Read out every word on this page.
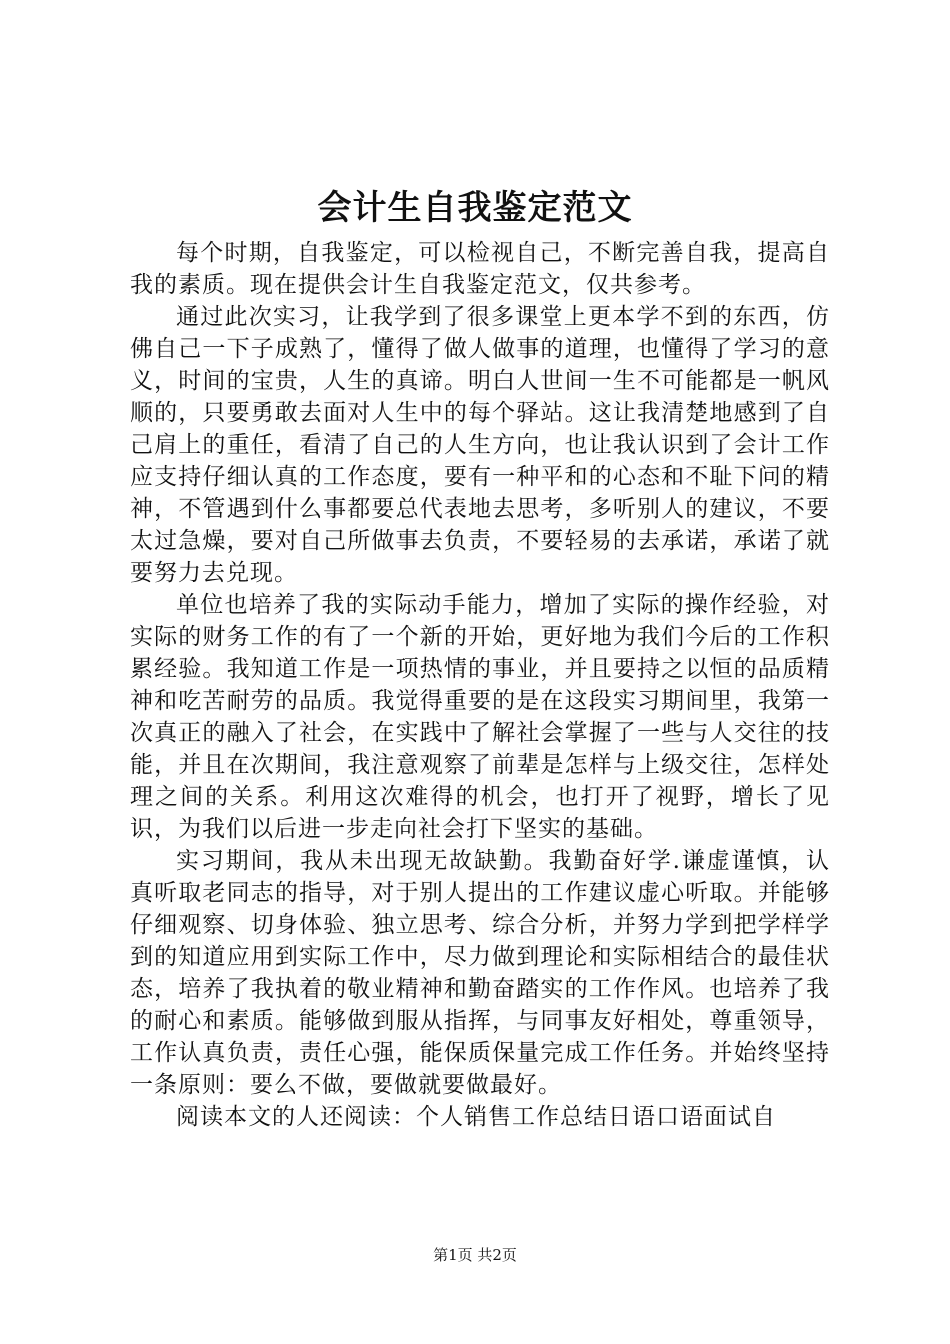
会计生自我鉴定范文

每个时期，自我鉴定，可以检视自己，不断完善自我，提高自我的素质。现在提供会计生自我鉴定范文，仅共参考。

通过此次实习，让我学到了很多课堂上更本学不到的东西，仿佛自己一下子成熟了，懂得了做人做事的道理，也懂得了学习的意义，时间的宝贵，人生的真谛。明白人世间一生不可能都是一帆风顺的，只要勇敢去面对人生中的每个驿站。这让我清楚地感到了自己肩上的重任，看清了自己的人生方向，也让我认识到了会计工作应支持仔细认真的工作态度，要有一种平和的心态和不耻下问的精神，不管遇到什么事都要总代表地去思考，多听别人的建议，不要太过急燥，要对自己所做事去负责，不要轻易的去承诺，承诺了就要努力去兑现。

单位也培养了我的实际动手能力，增加了实际的操作经验，对实际的财务工作的有了一个新的开始，更好地为我们今后的工作积累经验。我知道工作是一项热情的事业，并且要持之以恒的品质精神和吃苦耐劳的品质。我觉得重要的是在这段实习期间里，我第一次真正的融入了社会，在实践中了解社会掌握了一些与人交往的技能，并且在次期间，我注意观察了前辈是怎样与上级交往，怎样处理之间的关系。利用这次难得的机会，也打开了视野，增长了见识，为我们以后进一步走向社会打下坚实的基础。

实习期间，我从未出现无故缺勤。我勤奋好学.谦虚谨慎，认真听取老同志的指导，对于别人提出的工作建议虚心听取。并能够仔细观察、切身体验、独立思考、综合分析，并努力学到把学样学到的知道应用到实际工作中，尽力做到理论和实际相结合的最佳状态，培养了我执着的敬业精神和勤奋踏实的工作作风。也培养了我的耐心和素质。能够做到服从指挥，与同事友好相处，尊重领导，工作认真负责，责任心强，能保质保量完成工作任务。并始终坚持一条原则：要么不做，要做就要做最好。

阅读本文的人还阅读：个人销售工作总结日语口语面试自

第1页 共2页
